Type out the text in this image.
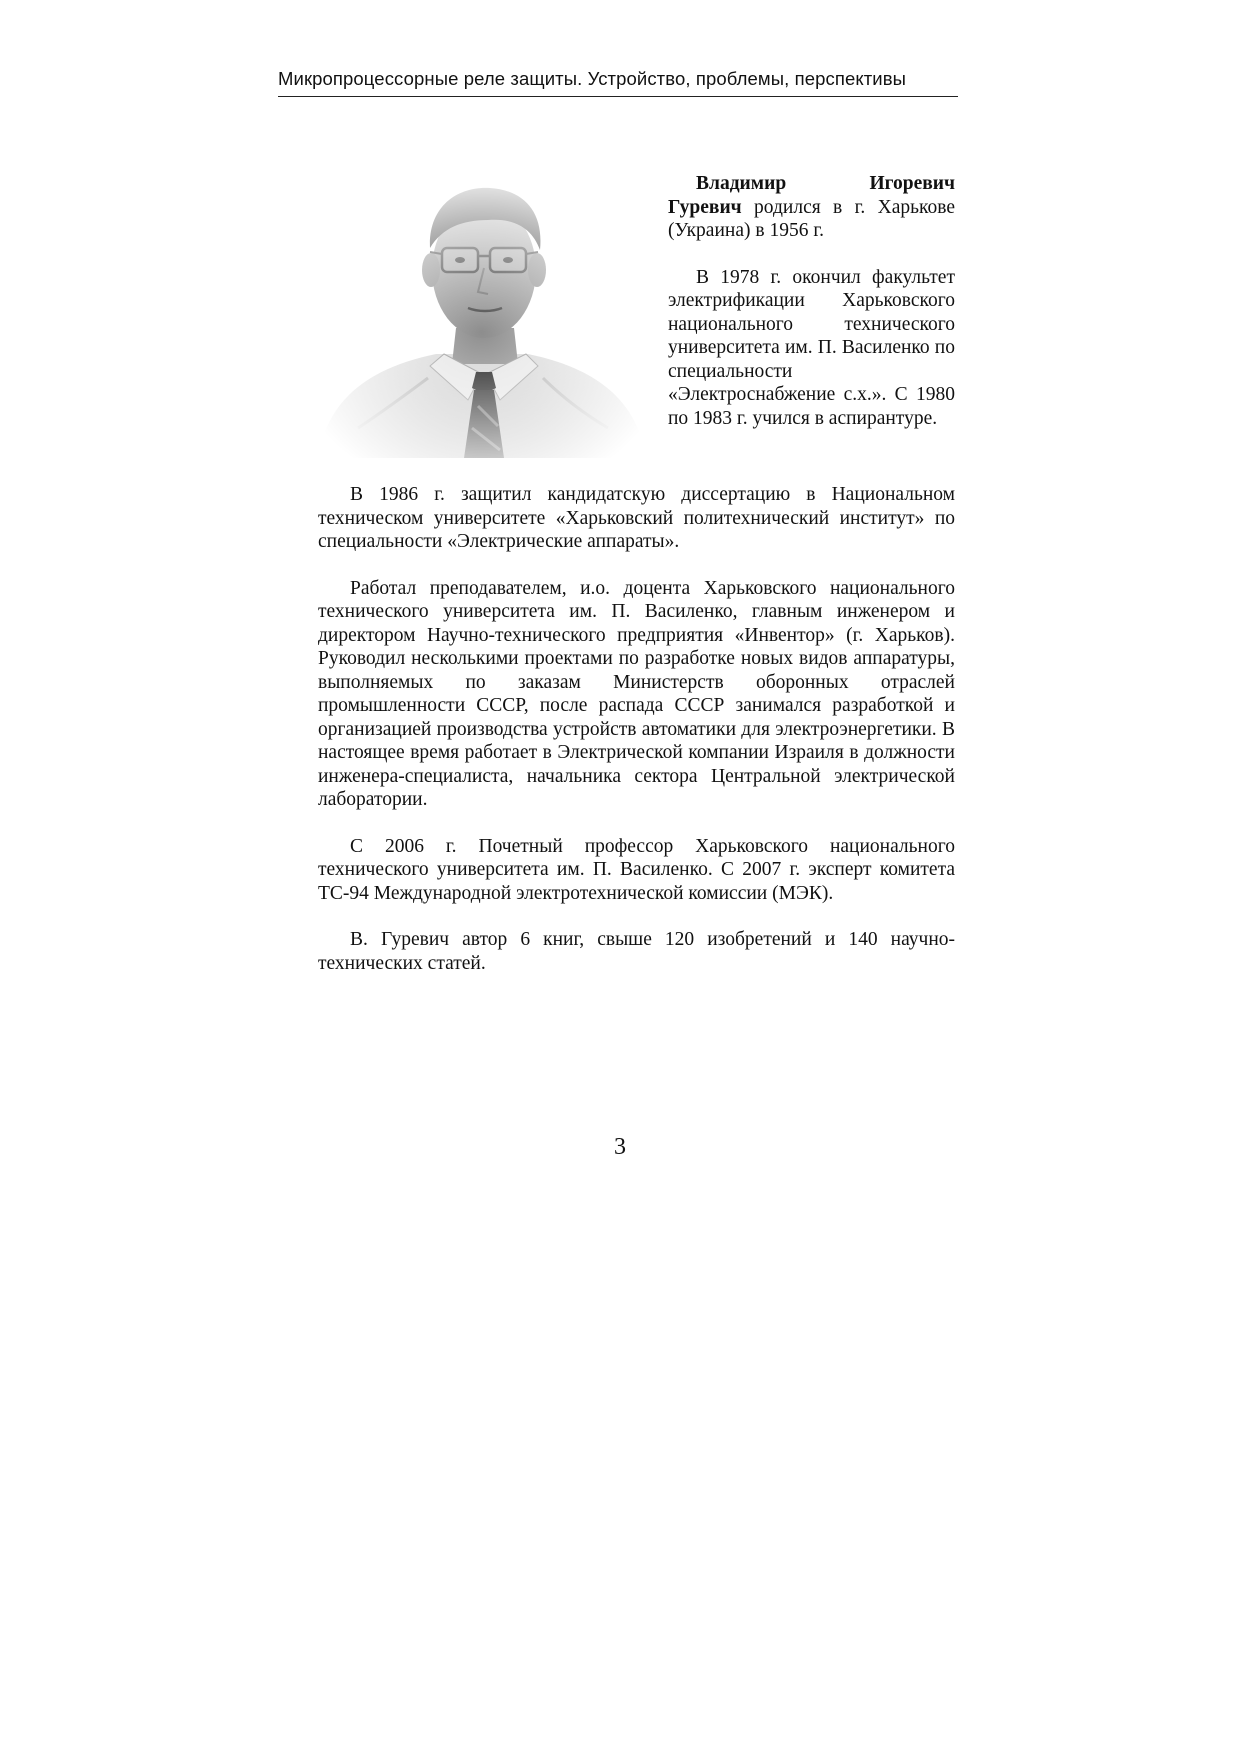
Микропроцессорные реле защиты. Устройство, проблемы, перспективы

Владимир Игоревич Гуревич родился в г. Харькове (Украина) в 1956 г.

В 1978 г. окончил факультет электрификации Харьковского национального технического университета им. П. Василенко по специальности «Электроснабжение с.х.». С 1980 по 1983 г. учился в аспирантуре.

В 1986 г. защитил кандидатскую диссертацию в Национальном техническом университете «Харьковский политехнический институт» по специальности «Электрические аппараты».

Работал преподавателем, и.о. доцента Харьковского национального технического университета им. П. Василенко, главным инженером и директором Научно-технического предприятия «Инвентор» (г. Харьков). Руководил несколькими проектами по разработке новых видов аппаратуры, выполняемых по заказам Министерств оборонных отраслей промышленности СССР, после распада СССР занимался разработкой и организацией производства устройств автоматики для электроэнергетики. В настоящее время работает в Электрической компании Израиля в должности инженера-специалиста, начальника сектора Центральной электрической лаборатории.

С 2006 г. Почетный профессор Харьковского национального технического университета им. П. Василенко. С 2007 г. эксперт комитета ТС-94 Международной электротехнической комиссии (МЭК).

В. Гуревич автор 6 книг, свыше 120 изобретений и 140 научно-технических статей.

3
